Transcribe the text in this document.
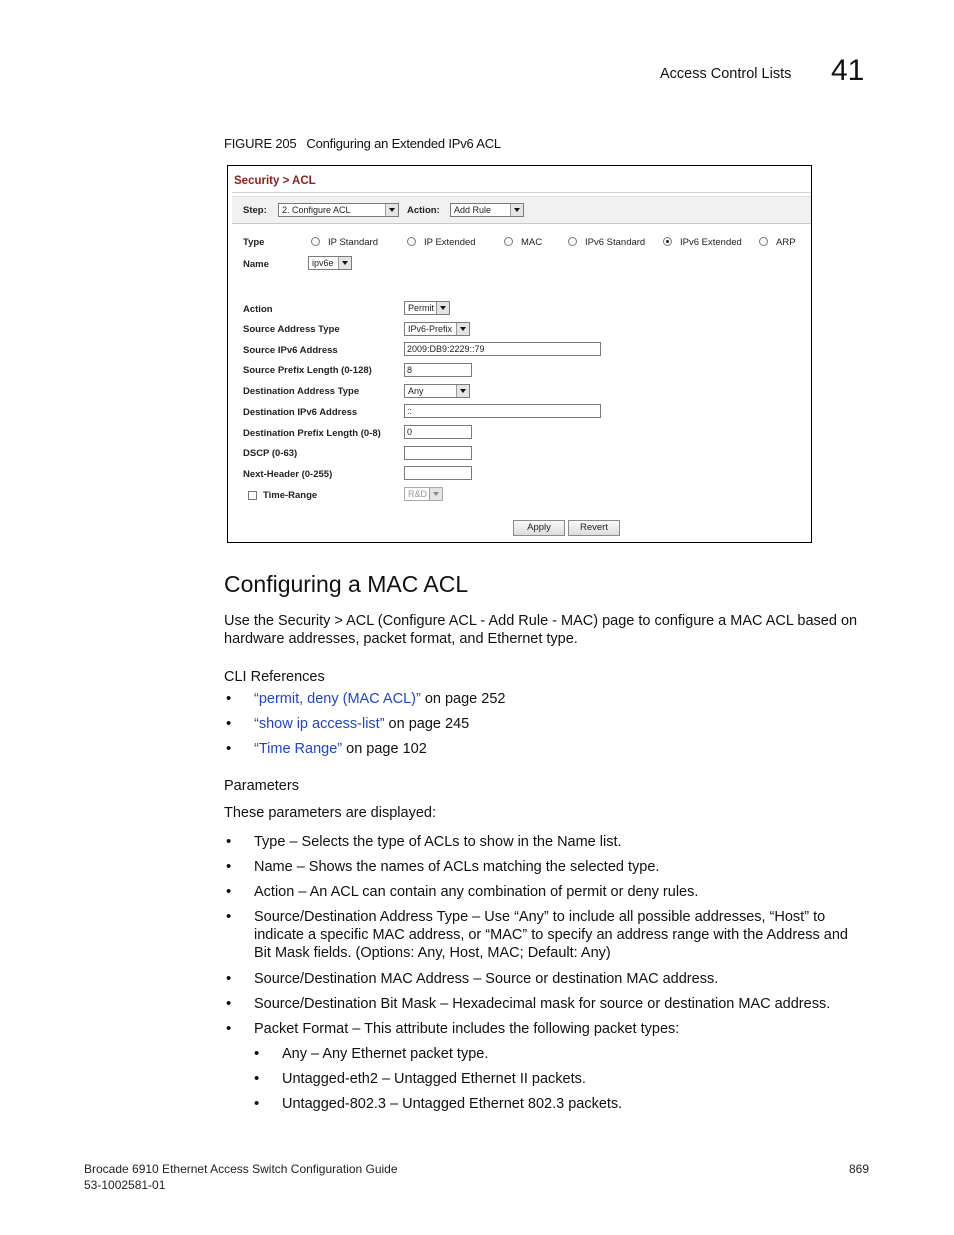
Access Control Lists 41
FIGURE 205 Configuring an Extended IPv6 ACL
Security > ACL
Step:	2. Configure ACL	Action:	Add Rule
Type	IP Standard	IP Extended	MAC	IPv6 Standard	IPv6 Extended	ARP
Name	ipv6e
Action	Permit
Source Address Type	IPv6-Prefix
Source IPv6 Address	2009:DB9:2229::79
Source Prefix Length (0-128)	8
Destination Address Type	Any
Destination IPv6 Address	::
Destination Prefix Length (0-8)	0
DSCP (0-63)
Next-Header (0-255)
Time-Range	R&D
Apply	Revert
Configuring a MAC ACL
Use the Security > ACL (Configure ACL - Add Rule - MAC) page to configure a MAC ACL based on hardware addresses, packet format, and Ethernet type.
CLI References
• “permit, deny (MAC ACL)” on page 252
• “show ip access-list” on page 245
• “Time Range” on page 102
Parameters
These parameters are displayed:
• Type – Selects the type of ACLs to show in the Name list.
• Name – Shows the names of ACLs matching the selected type.
• Action – An ACL can contain any combination of permit or deny rules.
• Source/Destination Address Type – Use “Any” to include all possible addresses, “Host” to indicate a specific MAC address, or “MAC” to specify an address range with the Address and Bit Mask fields. (Options: Any, Host, MAC; Default: Any)
• Source/Destination MAC Address – Source or destination MAC address.
• Source/Destination Bit Mask – Hexadecimal mask for source or destination MAC address.
• Packet Format – This attribute includes the following packet types:
• Any – Any Ethernet packet type.
• Untagged-eth2 – Untagged Ethernet II packets.
• Untagged-802.3 – Untagged Ethernet 802.3 packets.
Brocade 6910 Ethernet Access Switch Configuration Guide
53-1002581-01
869
